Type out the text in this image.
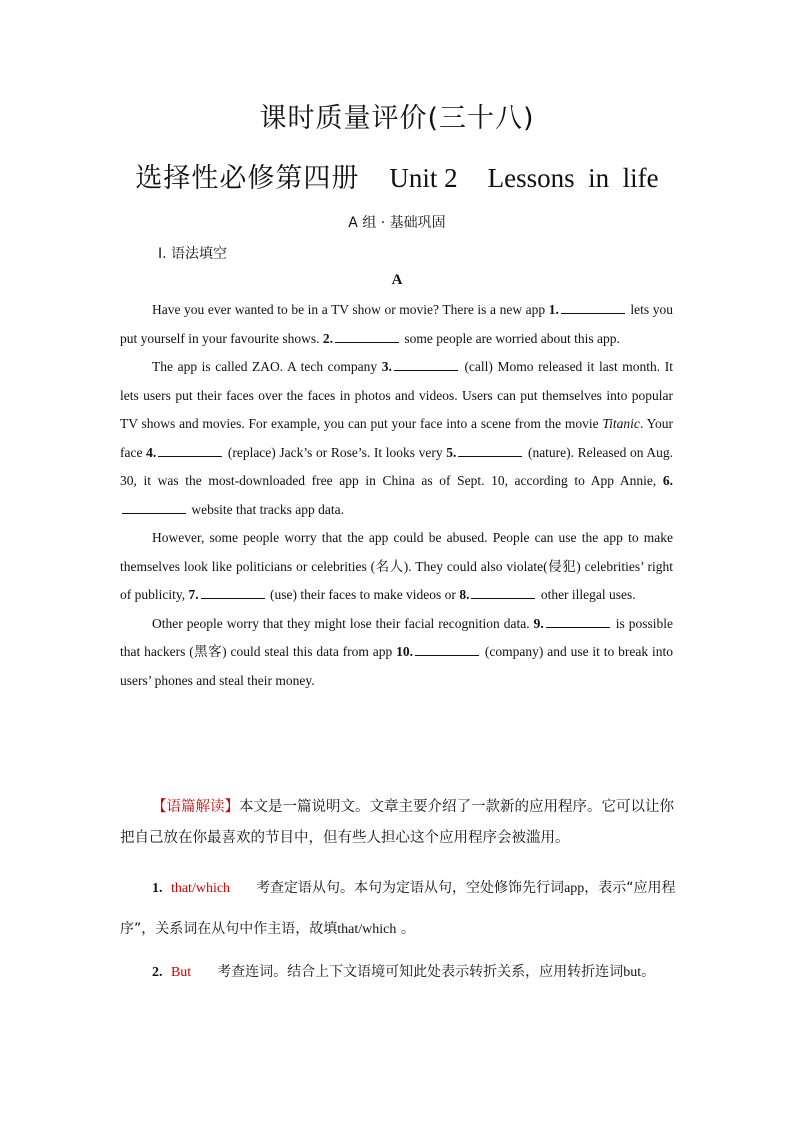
课时质量评价(三十八)
选择性必修第四册 Unit 2 Lessons  in  life
A 组 · 基础巩固
Ⅰ. 语法填空
A

Have you ever wanted to be in a TV show or movie? There is a new app 1.	lets you put yourself in your favourite shows. 2.	some people are worried about this app.

The app is called ZAO. A tech company 3.	(call) Momo released it last month. It lets users put their faces over the faces in photos and videos. Users can put themselves into popular TV shows and movies. For example, you can put your face into a scene from the movie Titanic. Your face 4.	(replace) Jack’s or Rose’s. It looks very 5.	(nature). Released on Aug. 30, it was the most-downloaded free app in China as of Sept. 10, according to App Annie, 6. website that tracks app data.

However, some people worry that the app could be abused. People can use the app to make themselves look like politicians or celebrities (名人). They could also violate(侵犯) celebrities’ right of publicity, 7.	(use) their faces to make videos or 8.	other illegal uses.

Other people worry that they might lose their facial recognition data. 9.	is possible that hackers (黑客) could steal this data from app 10.	(company) and use it to break into users’ phones and steal their money.

【语篇解读】本文是一篇说明文。文章主要介绍了一款新的应用程序。它可以让你把自己放在你最喜欢的节目中，但有些人担心这个应用程序会被滥用。
1. that/which 考查定语从句。本句为定语从句，空处修饰先行词app，表示“应用程序”，关系词在从句中作主语，故填that/which 。
2. But 考查连词。结合上下文语境可知此处表示转折关系，应用转折连词but。
